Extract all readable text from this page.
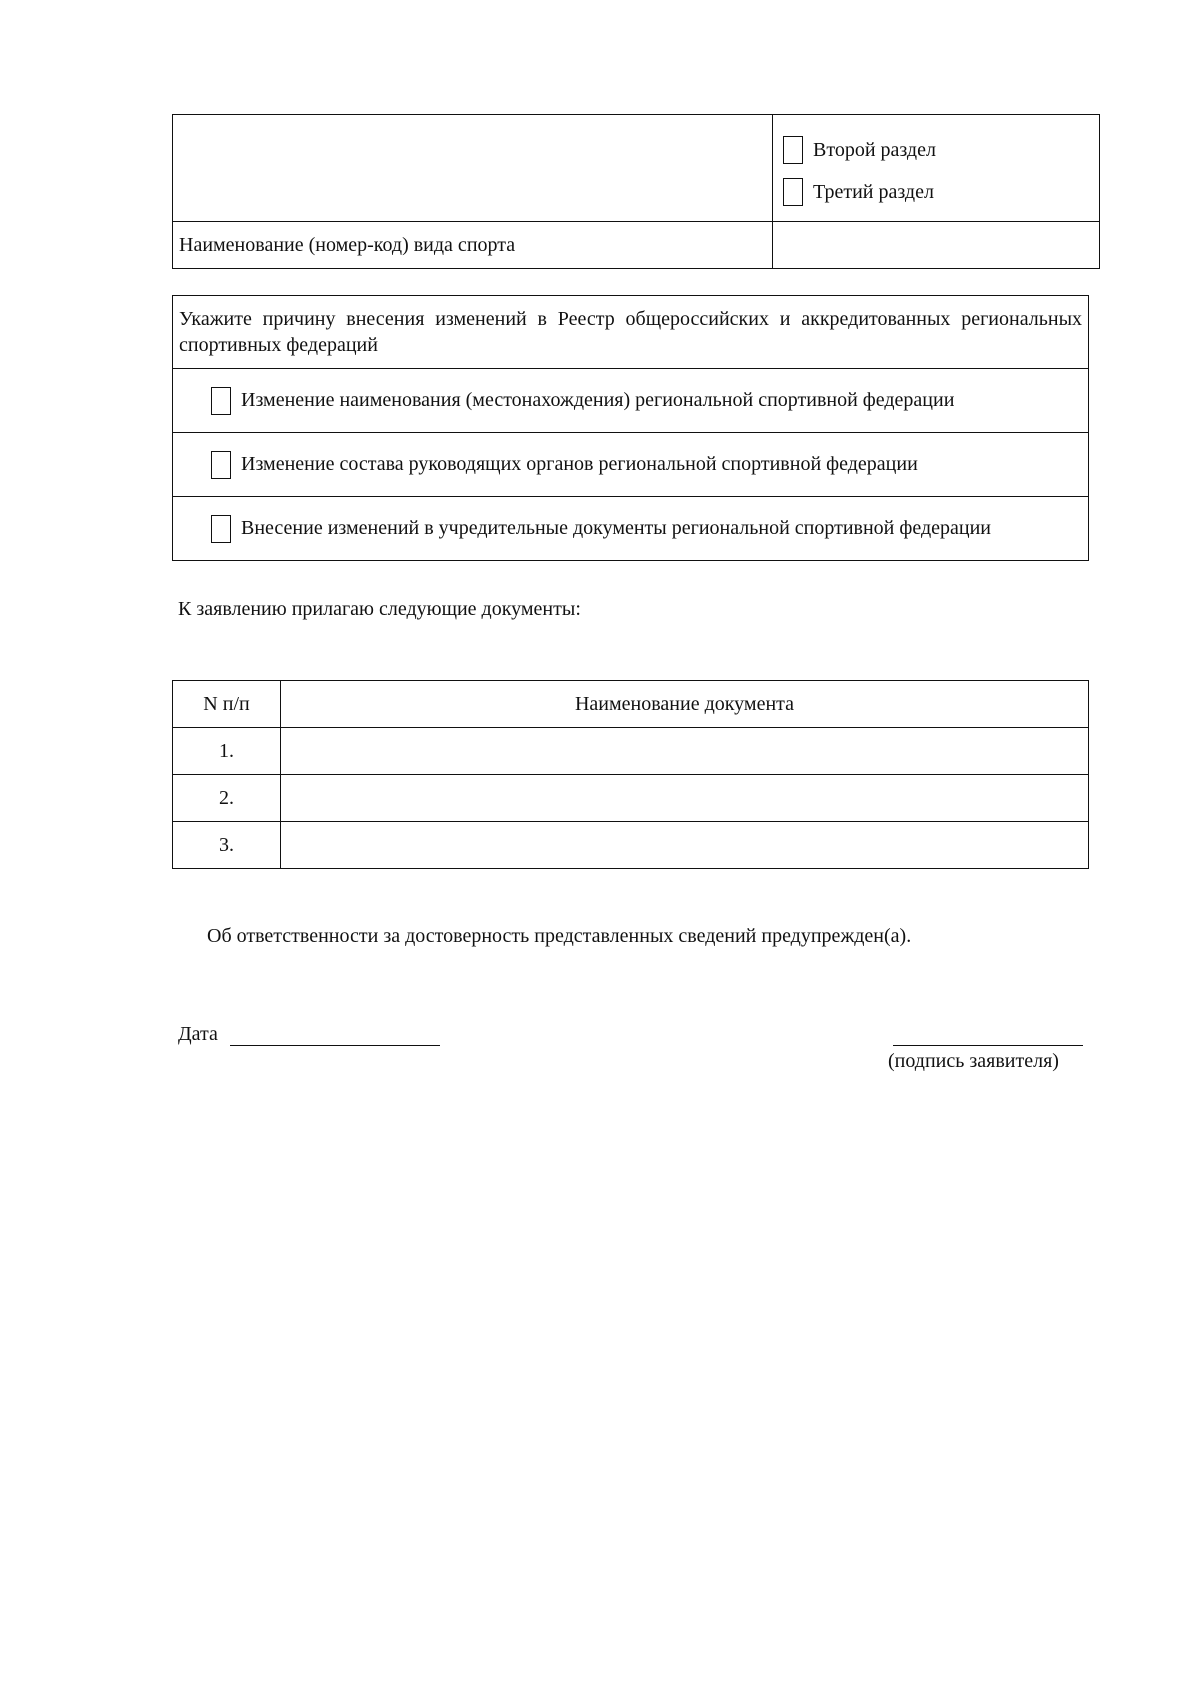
	Второй раздел
Третий раздел

Наименование (номер-код) вида спорта	
Укажите причину внесения изменений в Реестр общероссийских и аккредитованных региональных спортивных федераций

Изменение наименования (местонахождения) региональной спортивной федерации

Изменение состава руководящих органов региональной спортивной федерации

Внесение изменений в учредительные документы региональной спортивной федерации
К заявлению прилагаю следующие документы:
N п/п	Наименование документа
1.	
2.	
3.	
Об ответственности за достоверность представленных сведений предупрежден(а).
Дата
(подпись заявителя)
